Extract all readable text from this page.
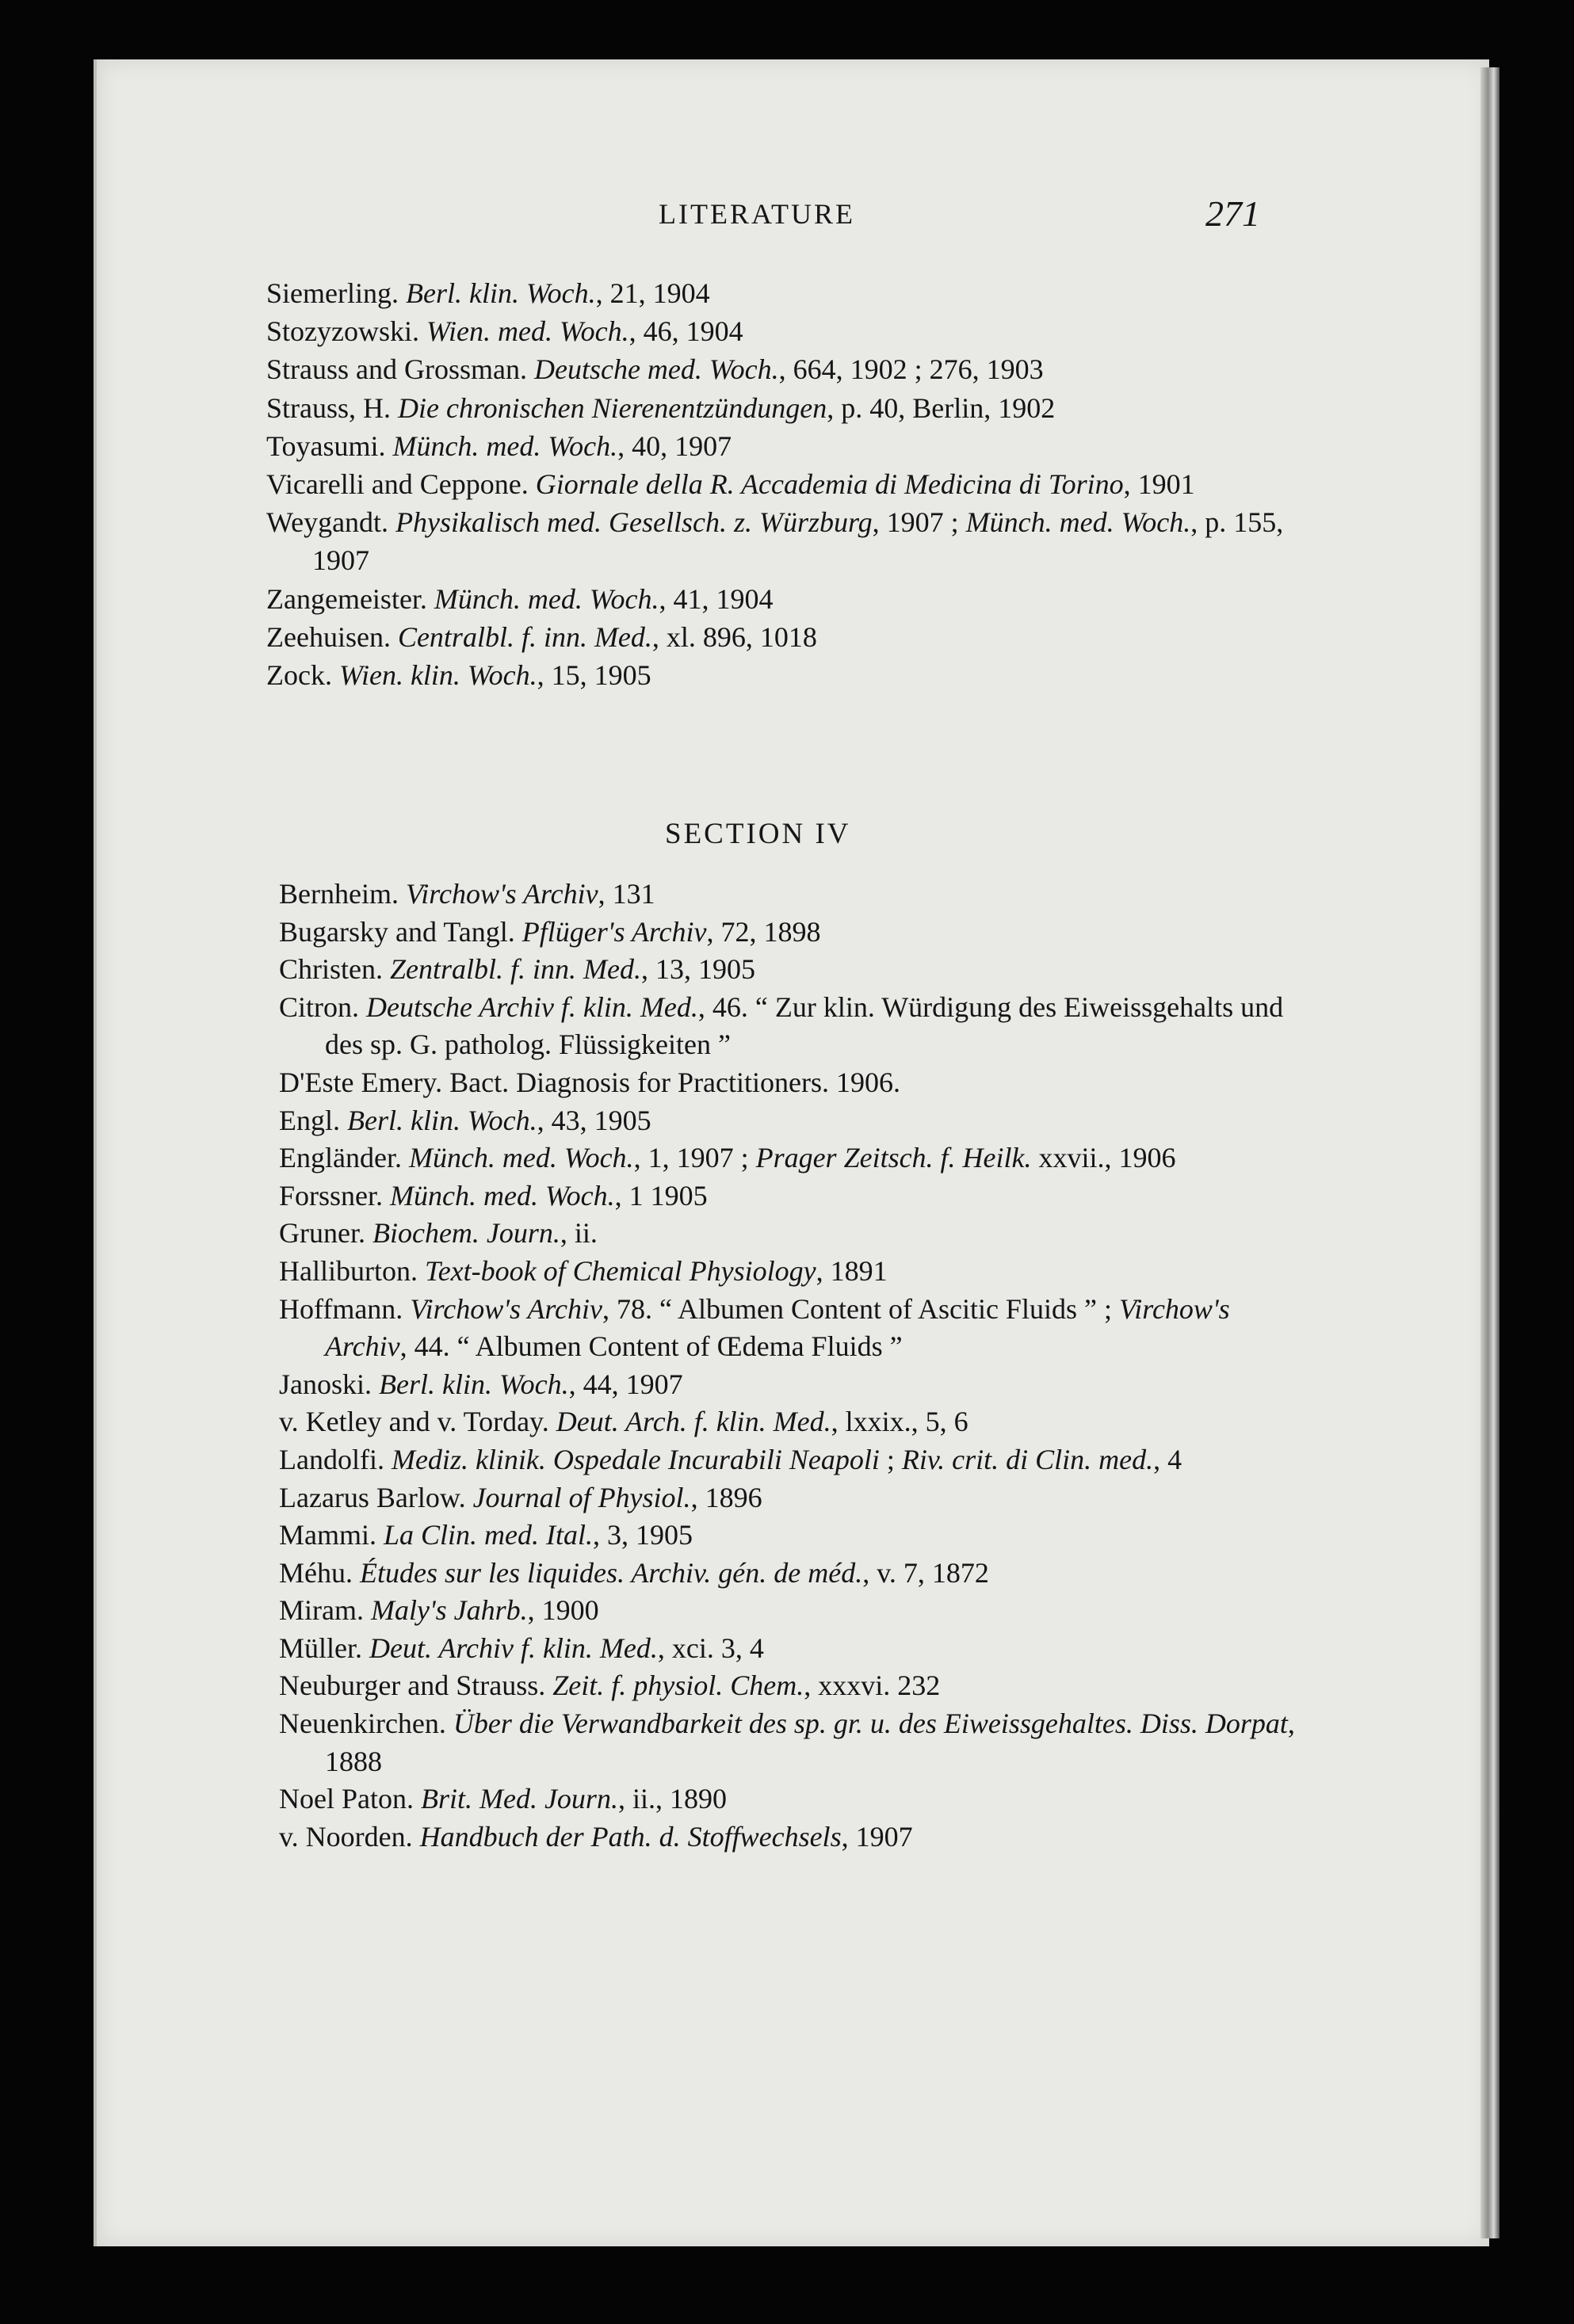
LITERATURE	271

Siemerling. Berl. klin. Woch., 21, 1904

Stozyzowski. Wien. med. Woch., 46, 1904

Strauss and Grossman. Deutsche med. Woch., 664, 1902 ; 276, 1903

Strauss, H. Die chronischen Nierenentzündungen, p. 40, Berlin, 1902

Toyasumi. Münch. med. Woch., 40, 1907

Vicarelli and Ceppone. Giornale della R. Accademia di Medicina di Torino, 1901

Weygandt. Physikalisch med. Gesellsch. z. Würzburg, 1907 ; Münch. med. Woch., p. 155, 1907

Zangemeister. Münch. med. Woch., 41, 1904

Zeehuisen. Centralbl. f. inn. Med., xl. 896, 1018

Zock. Wien. klin. Woch., 15, 1905

SECTION IV

Bernheim. Virchow's Archiv, 131

Bugarsky and Tangl. Pflüger's Archiv, 72, 1898

Christen. Zentralbl. f. inn. Med., 13, 1905

Citron. Deutsche Archiv f. klin. Med., 46. “ Zur klin. Würdigung des Eiweissgehalts und des sp. G. patholog. Flüssigkeiten ”

D'Este Emery. Bact. Diagnosis for Practitioners. 1906.

Engl. Berl. klin. Woch., 43, 1905

Engländer. Münch. med. Woch., 1, 1907 ; Prager Zeitsch. f. Heilk. xxvii., 1906

Forssner. Münch. med. Woch., 1 1905

Gruner. Biochem. Journ., ii.

Halliburton. Text-book of Chemical Physiology, 1891

Hoffmann. Virchow's Archiv, 78. “ Albumen Content of Ascitic Fluids ” ; Virchow's Archiv, 44. “ Albumen Content of Œdema Fluids ”

Janoski. Berl. klin. Woch., 44, 1907

v. Ketley and v. Torday. Deut. Arch. f. klin. Med., lxxix., 5, 6

Landolfi. Mediz. klinik. Ospedale Incurabili Neapoli ; Riv. crit. di Clin. med., 4

Lazarus Barlow. Journal of Physiol., 1896

Mammi. La Clin. med. Ital., 3, 1905

Méhu. Études sur les liquides. Archiv. gén. de méd., v. 7, 1872

Miram. Maly's Jahrb., 1900

Müller. Deut. Archiv f. klin. Med., xci. 3, 4

Neuburger and Strauss. Zeit. f. physiol. Chem., xxxvi. 232

Neuenkirchen. Über die Verwandbarkeit des sp. gr. u. des Eiweissgehaltes. Diss. Dorpat, 1888

Noel Paton. Brit. Med. Journ., ii., 1890

v. Noorden. Handbuch der Path. d. Stoffwechsels, 1907
